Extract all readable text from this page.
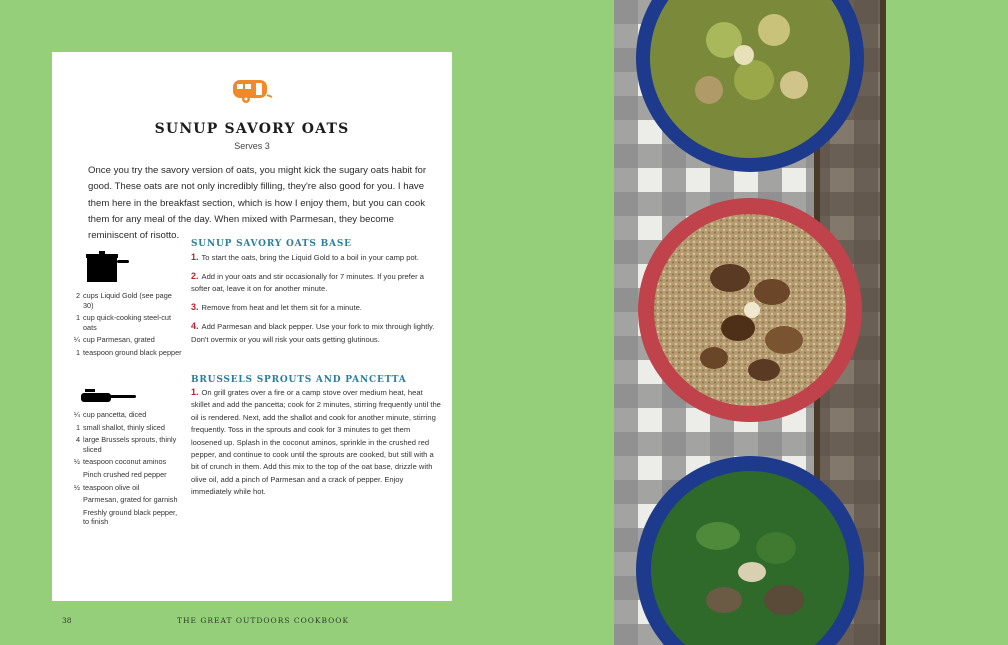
SUNUP SAVORY OATS
Serves 3

Once you try the savory version of oats, you might kick the sugary oats habit for good. These oats are not only incredibly filling, they're also good for you. I have them here in the breakfast section, which is how I enjoy them, but you can cook them for any meal of the day. When mixed with Parmesan, they become reminiscent of risotto.

SUNUP SAVORY OATS BASE
1. To start the oats, bring the Liquid Gold to a boil in your camp pot.
2. Add in your oats and stir occasionally for 7 minutes. If you prefer a softer oat, leave it on for another minute.
3. Remove from heat and let them sit for a minute.
4. Add Parmesan and black pepper. Use your fork to mix through lightly. Don't overmix or you will risk your oats getting glutinous.
2 cups Liquid Gold (see page 30)
1 cup quick-cooking steel-cut oats
¼ cup Parmesan, grated
1 teaspoon ground black pepper
BRUSSELS SPROUTS AND PANCETTA
1. On grill grates over a fire or a camp stove over medium heat, heat skillet and add the pancetta; cook for 2 minutes, stirring frequently until the oil is rendered. Next, add the shallot and cook for another minute, stirring frequently. Toss in the sprouts and cook for 3 minutes to get them loosened up. Splash in the coconut aminos, sprinkle in the crushed red pepper, and continue to cook until the sprouts are cooked, but still with a bit of crunch in them. Add this mix to the top of the oat base, drizzle with olive oil, add a pinch of Parmesan and a crack of pepper. Enjoy immediately while hot.
¼ cup pancetta, diced
1 small shallot, thinly sliced
4 large Brussels sprouts, thinly sliced
½ teaspoon coconut aminos
Pinch crushed red pepper
½ teaspoon olive oil
Parmesan, grated for garnish
Freshly ground black pepper, to finish
38	THE GREAT OUTDOORS COOKBOOK
